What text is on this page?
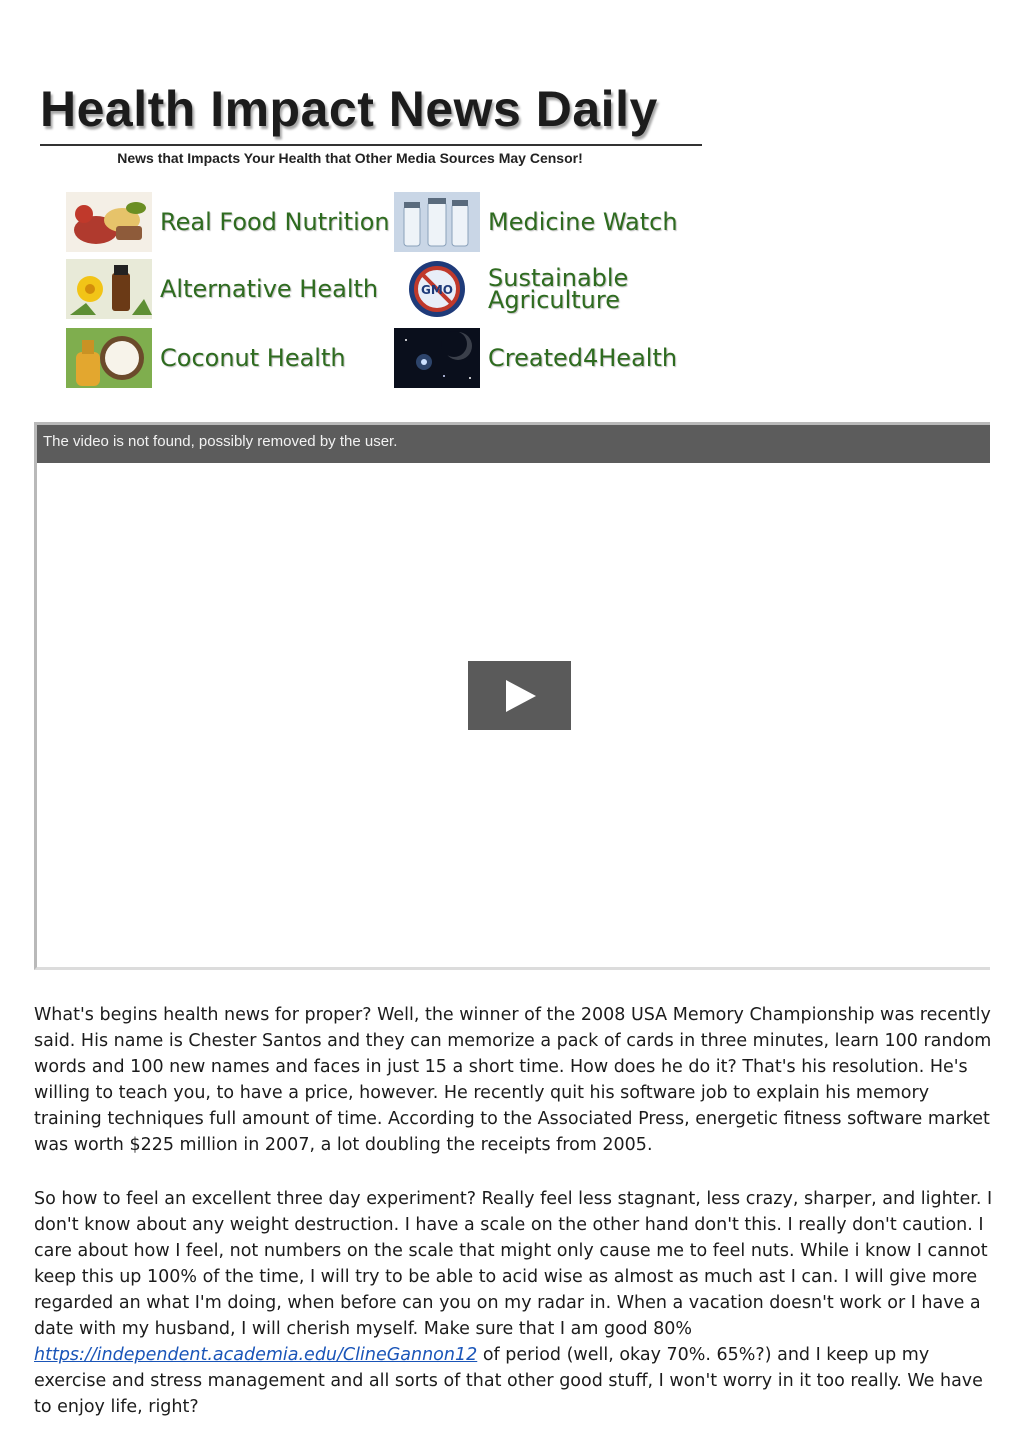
Health Impact News Daily
News that Impacts Your Health that Other Media Sources May Censor!
Real Food Nutrition	Medicine Watch
Alternative Health	GMO Sustainable
Agriculture
Coconut Health	Created4Health
The video is not found, possibly removed by the user.

What's begins health news for proper? Well, the winner of the 2008 USA Memory Championship was recently said. His name is Chester Santos and they can memorize a pack of cards in three minutes, learn 100 random words and 100 new names and faces in just 15 a short time. How does he do it? That's his resolution. He's willing to teach you, to have a price, however. He recently quit his software job to explain his memory training techniques full amount of time. According to the Associated Press, energetic fitness software market was worth $225 million in 2007, a lot doubling the receipts from 2005.

So how to feel an excellent three day experiment? Really feel less stagnant, less crazy, sharper, and lighter. I don't know about any weight destruction. I have a scale on the other hand don't this. I really don't caution. I care about how I feel, not numbers on the scale that might only cause me to feel nuts. While i know I cannot keep this up 100% of the time, I will try to be able to acid wise as almost as much ast I can. I will give more regarded an what I'm doing, when before can you on my radar in. When a vacation doesn't work or I have a date with my husband, I will cherish myself. Make sure that I am good 80% https://independent.academia.edu/ClineGannon12 of period (well, okay 70%. 65%?) and I keep up my exercise and stress management and all sorts of that other good stuff, I won't worry in it too really. We have to enjoy life, right?
